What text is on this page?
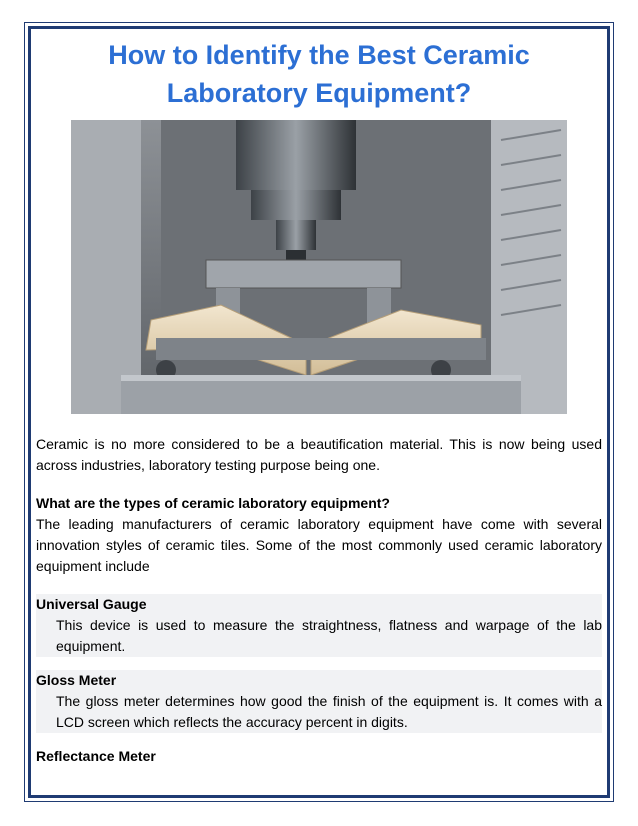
How to Identify the Best Ceramic Laboratory Equipment?

Ceramic is no more considered to be a beautification material. This is now being used across industries, laboratory testing purpose being one.

What are the types of ceramic laboratory equipment?

The leading manufacturers of ceramic laboratory equipment have come with several innovation styles of ceramic tiles. Some of the most commonly used ceramic laboratory equipment include

Universal Gauge

This device is used to measure the straightness, flatness and warpage of the lab equipment.

Gloss Meter

The gloss meter determines how good the finish of the equipment is. It comes with a LCD screen which reflects the accuracy percent in digits.

Reflectance Meter
